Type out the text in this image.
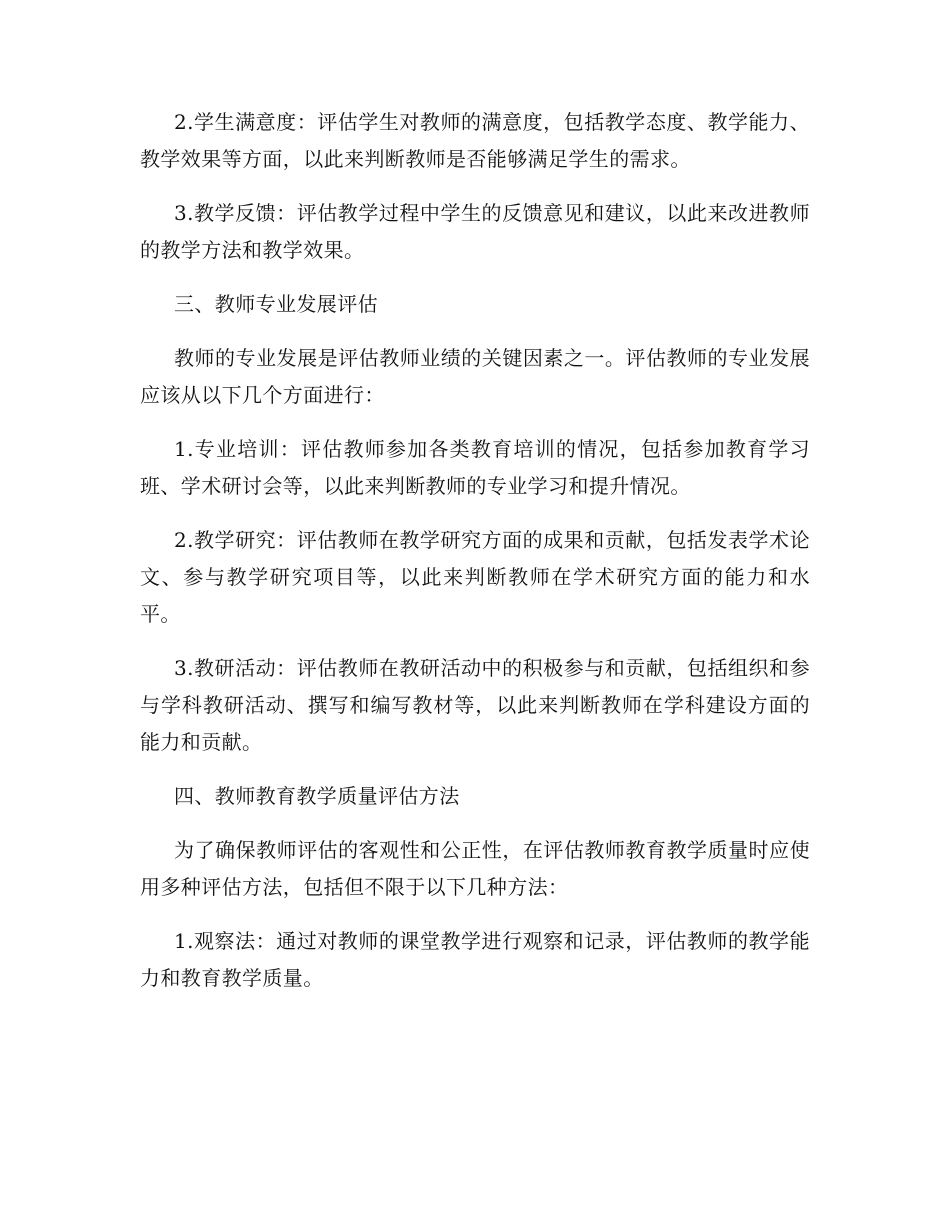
2.学生满意度：评估学生对教师的满意度，包括教学态度、教学能力、教学效果等方面，以此来判断教师是否能够满足学生的需求。

3.教学反馈：评估教学过程中学生的反馈意见和建议，以此来改进教师的教学方法和教学效果。

三、教师专业发展评估

教师的专业发展是评估教师业绩的关键因素之一。评估教师的专业发展应该从以下几个方面进行：

1.专业培训：评估教师参加各类教育培训的情况，包括参加教育学习班、学术研讨会等，以此来判断教师的专业学习和提升情况。

2.教学研究：评估教师在教学研究方面的成果和贡献，包括发表学术论文、参与教学研究项目等，以此来判断教师在学术研究方面的能力和水平。

3.教研活动：评估教师在教研活动中的积极参与和贡献，包括组织和参与学科教研活动、撰写和编写教材等，以此来判断教师在学科建设方面的能力和贡献。

四、教师教育教学质量评估方法

为了确保教师评估的客观性和公正性，在评估教师教育教学质量时应使用多种评估方法，包括但不限于以下几种方法：

1.观察法：通过对教师的课堂教学进行观察和记录，评估教师的教学能力和教育教学质量。
